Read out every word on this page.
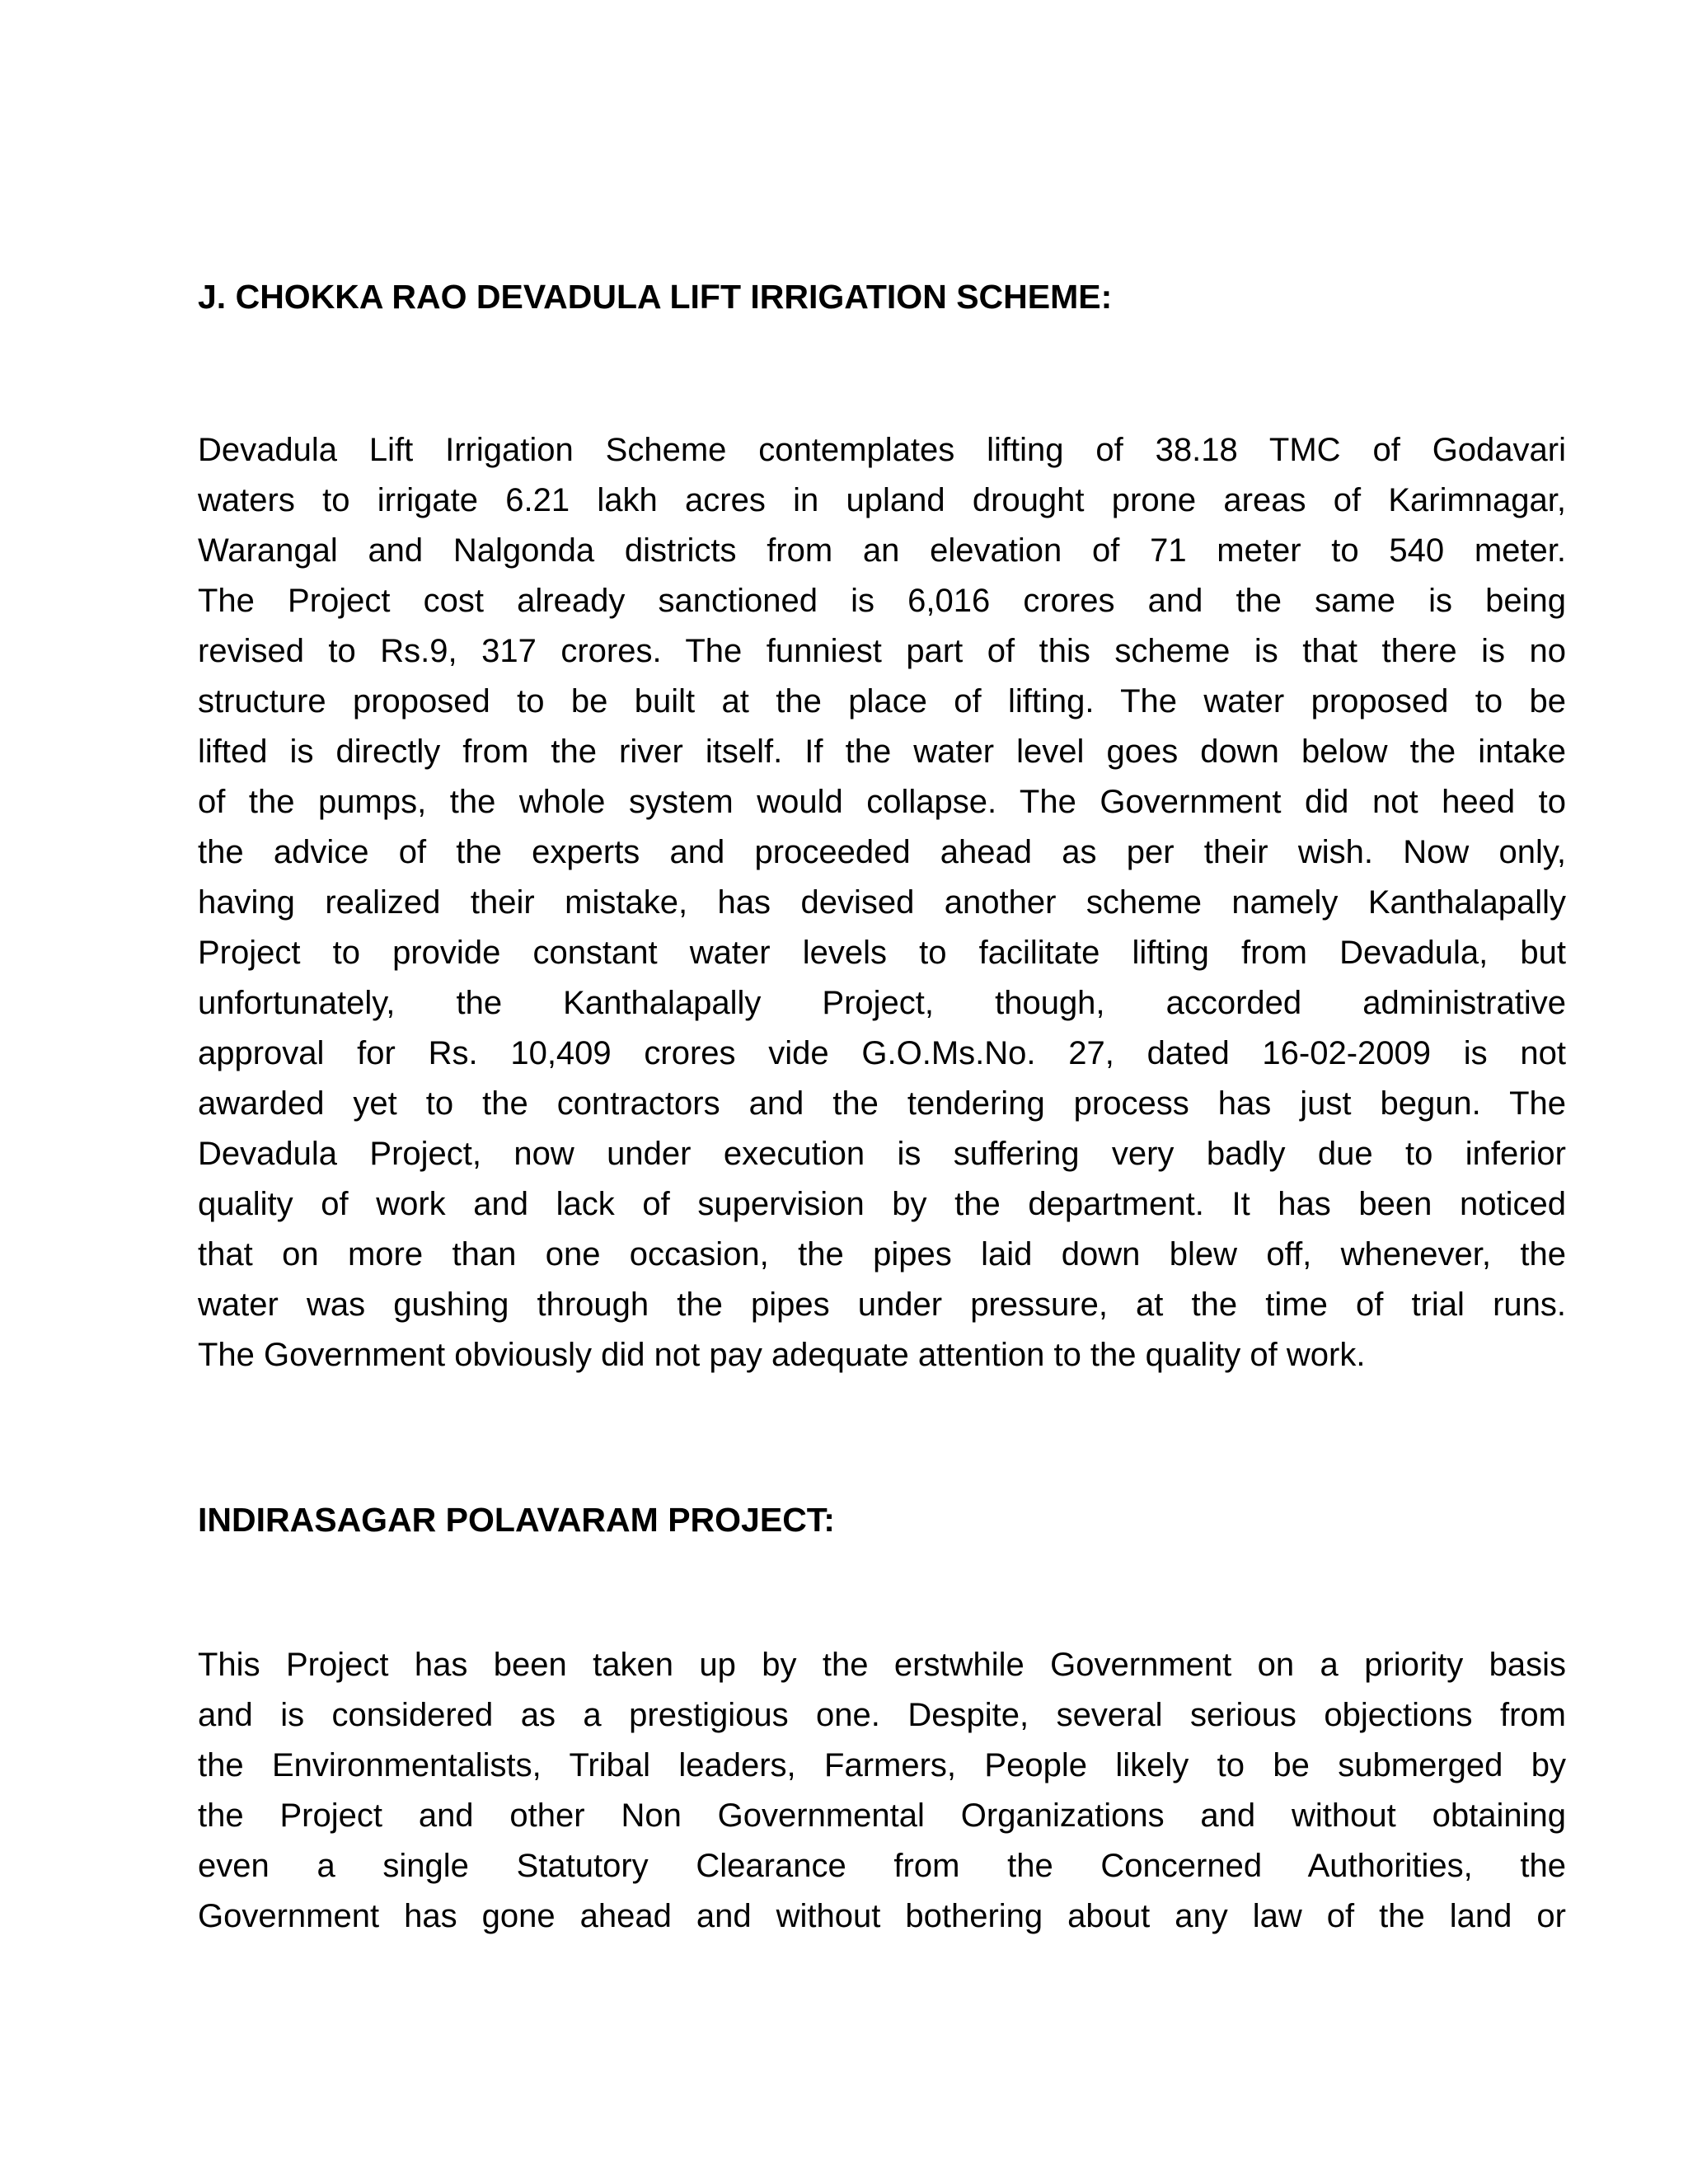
J. CHOKKA RAO DEVADULA LIFT IRRIGATION SCHEME:
Devadula Lift Irrigation Scheme contemplates lifting of 38.18 TMC of Godavari
waters to irrigate 6.21 lakh acres in upland drought prone areas of Karimnagar,
Warangal and Nalgonda districts from an elevation of 71 meter to 540 meter.
The Project cost already sanctioned is 6,016 crores and the same is being
revised to Rs.9, 317 crores. The funniest part of this scheme is that there is no
structure proposed to be built at the place of lifting. The water proposed to be
lifted is directly from the river itself. If the water level goes down below the intake
of the pumps, the whole system would collapse. The Government did not heed to
the advice of the experts and proceeded ahead as per their wish. Now only,
having realized their mistake, has devised another scheme namely Kanthalapally
Project to provide constant water levels to facilitate lifting from Devadula, but
unfortunately, the Kanthalapally Project, though, accorded administrative
approval for Rs. 10,409 crores vide G.O.Ms.No. 27, dated 16-02-2009 is not
awarded yet to the contractors and the tendering process has just begun. The
Devadula Project, now under execution is suffering very badly due to inferior
quality of work and lack of supervision by the department. It has been noticed
that on more than one occasion, the pipes laid down blew off, whenever, the
water was gushing through the pipes under pressure, at the time of trial runs.
The Government obviously did not pay adequate attention to the quality of work.
INDIRASAGAR POLAVARAM PROJECT:
This Project has been taken up by the erstwhile Government on a priority basis
and is considered as a prestigious one. Despite, several serious objections from
the Environmentalists, Tribal leaders, Farmers, People likely to be submerged by
the Project and other Non Governmental Organizations and without obtaining
even a single Statutory Clearance from the Concerned Authorities, the
Government has gone ahead and without bothering about any law of the land or
